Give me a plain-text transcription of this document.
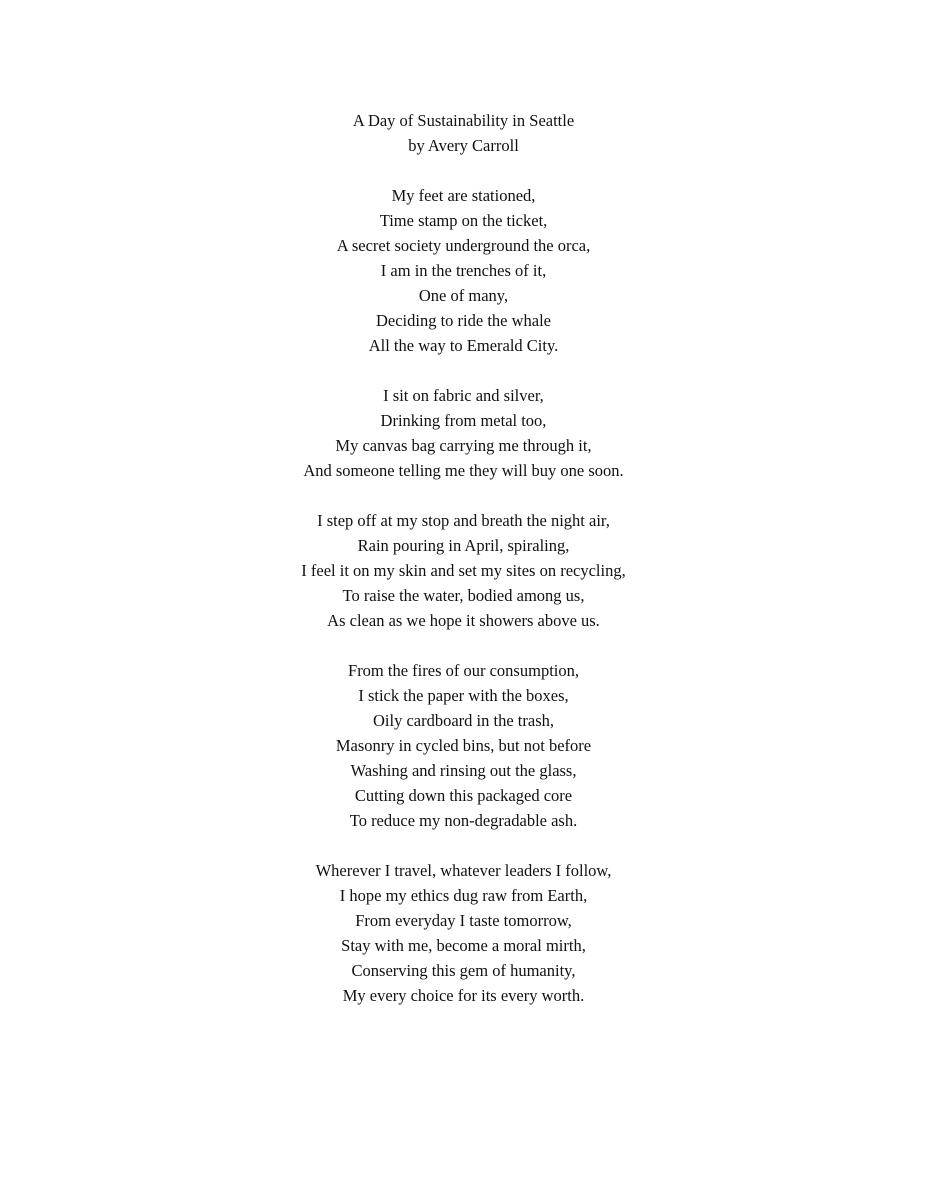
A Day of Sustainability in Seattle
by Avery Carroll
My feet are stationed,
Time stamp on the ticket,
A secret society underground the orca,
I am in the trenches of it,
One of many,
Deciding to ride the whale
All the way to Emerald City.
I sit on fabric and silver,
Drinking from metal too,
My canvas bag carrying me through it,
And someone telling me they will buy one soon.
I step off at my stop and breath the night air,
Rain pouring in April, spiraling,
I feel it on my skin and set my sites on recycling,
To raise the water, bodied among us,
As clean as we hope it showers above us.
From the fires of our consumption,
I stick the paper with the boxes,
Oily cardboard in the trash,
Masonry in cycled bins, but not before
Washing and rinsing out the glass,
Cutting down this packaged core
To reduce my non-degradable ash.
Wherever I travel, whatever leaders I follow,
I hope my ethics dug raw from Earth,
From everyday I taste tomorrow,
Stay with me, become a moral mirth,
Conserving this gem of humanity,
My every choice for its every worth.
